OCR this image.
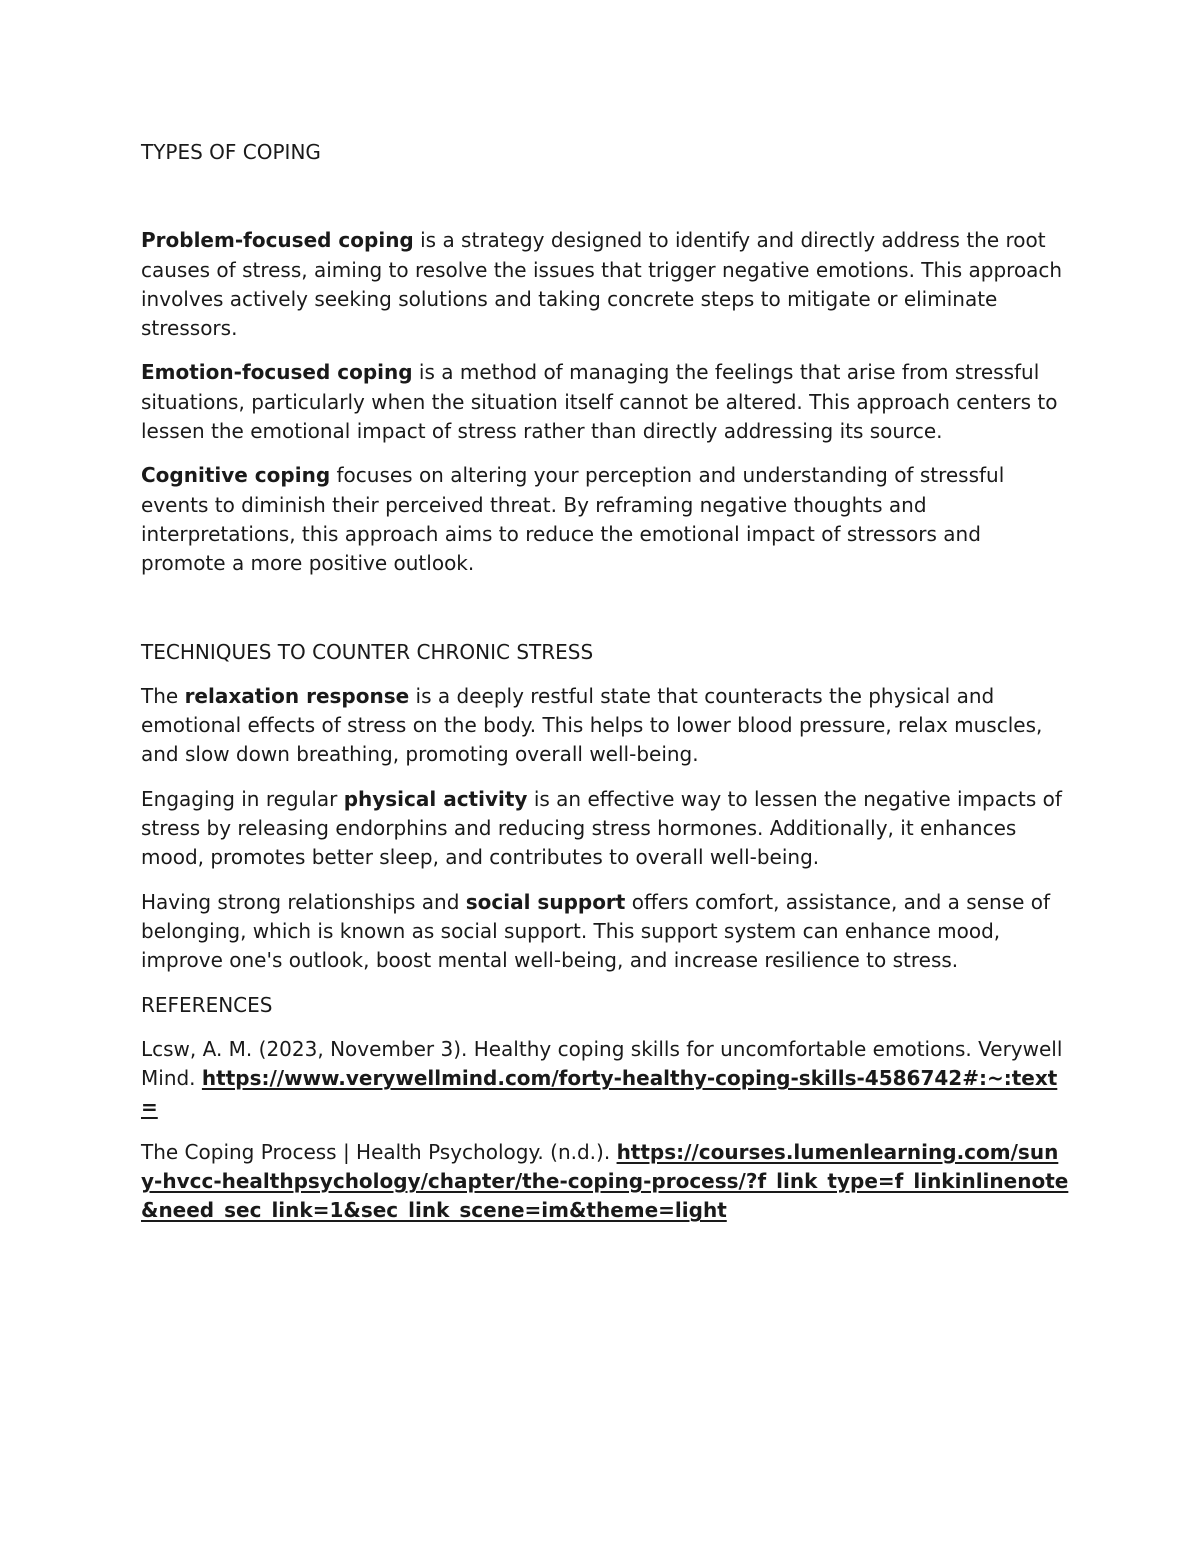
TYPES OF COPING

Problem-focused coping is a strategy designed to identify and directly address the root causes of stress, aiming to resolve the issues that trigger negative emotions. This approach involves actively seeking solutions and taking concrete steps to mitigate or eliminate stressors.

Emotion-focused coping is a method of managing the feelings that arise from stressful situations, particularly when the situation itself cannot be altered. This approach centers to lessen the emotional impact of stress rather than directly addressing its source.

Cognitive coping focuses on altering your perception and understanding of stressful events to diminish their perceived threat. By reframing negative thoughts and interpretations, this approach aims to reduce the emotional impact of stressors and promote a more positive outlook.

TECHNIQUES TO COUNTER CHRONIC STRESS

The relaxation response is a deeply restful state that counteracts the physical and emotional effects of stress on the body. This helps to lower blood pressure, relax muscles, and slow down breathing, promoting overall well-being.

Engaging in regular physical activity is an effective way to lessen the negative impacts of stress by releasing endorphins and reducing stress hormones. Additionally, it enhances mood, promotes better sleep, and contributes to overall well-being.

Having strong relationships and social support offers comfort, assistance, and a sense of belonging, which is known as social support. This support system can enhance mood, improve one's outlook, boost mental well-being, and increase resilience to stress.

REFERENCES

Lcsw, A. M. (2023, November 3). Healthy coping skills for uncomfortable emotions. Verywell Mind. https://www.verywellmind.com/forty-healthy-coping-skills-4586742#:~:text=

The Coping Process | Health Psychology. (n.d.). https://courses.lumenlearning.com/suny-hvcc-healthpsychology/chapter/the-coping-process/?f_link_type=f_linkinlinenote&need_sec_link=1&sec_link_scene=im&theme=light
